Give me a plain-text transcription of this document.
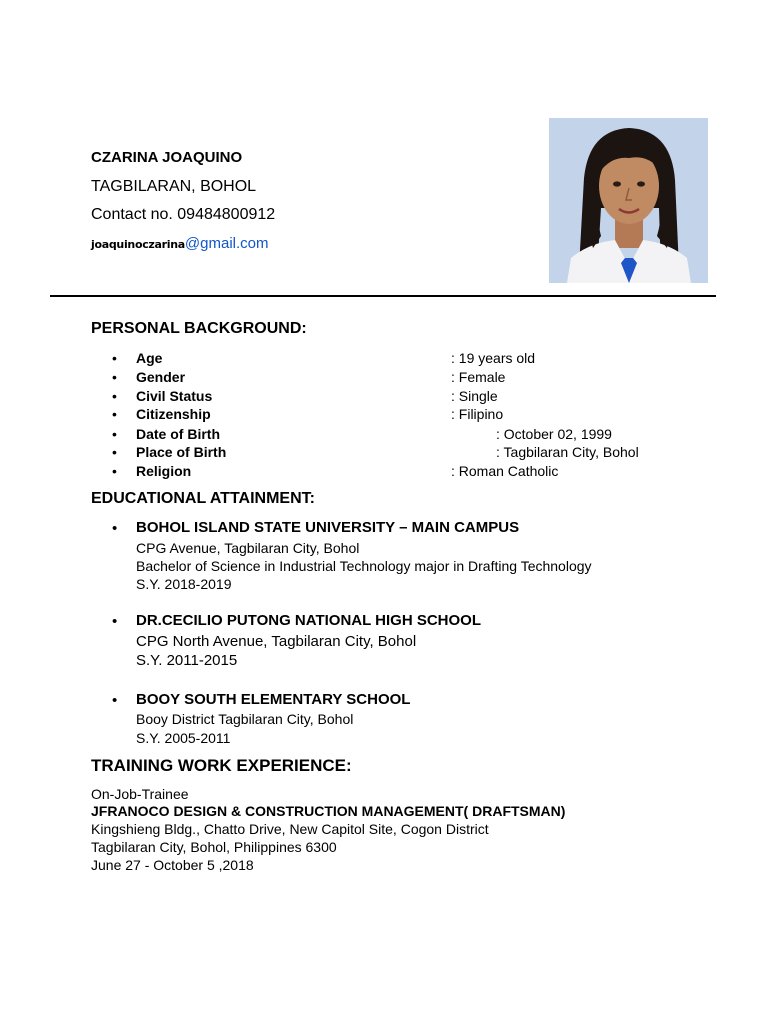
CZARINA JOAQUINO
TAGBILARAN, BOHOL
Contact no. 09484800912
joaquinoczarina@gmail.com
PERSONAL BACKGROUND:
• Age	: 19 years old
• Gender	: Female
• Civil Status	: Single
• Citizenship	: Filipino
• Date of Birth	: October 02, 1999
• Place of Birth	: Tagbilaran City, Bohol
• Religion	: Roman Catholic
EDUCATIONAL ATTAINMENT:
• BOHOL ISLAND STATE UNIVERSITY – MAIN CAMPUS
CPG Avenue, Tagbilaran City, Bohol
Bachelor of Science in Industrial Technology major in Drafting Technology
S.Y. 2018-2019
• DR.CECILIO PUTONG NATIONAL HIGH SCHOOL
CPG North Avenue, Tagbilaran City, Bohol
S.Y. 2011-2015
• BOOY SOUTH ELEMENTARY SCHOOL
Booy District Tagbilaran City, Bohol
S.Y. 2005-2011
TRAINING WORK EXPERIENCE:
On-Job-Trainee
JFRANOCO DESIGN & CONSTRUCTION MANAGEMENT( DRAFTSMAN)
Kingshieng Bldg., Chatto Drive, New Capitol Site, Cogon District
Tagbilaran City, Bohol, Philippines 6300
June 27 - October 5 ,2018
